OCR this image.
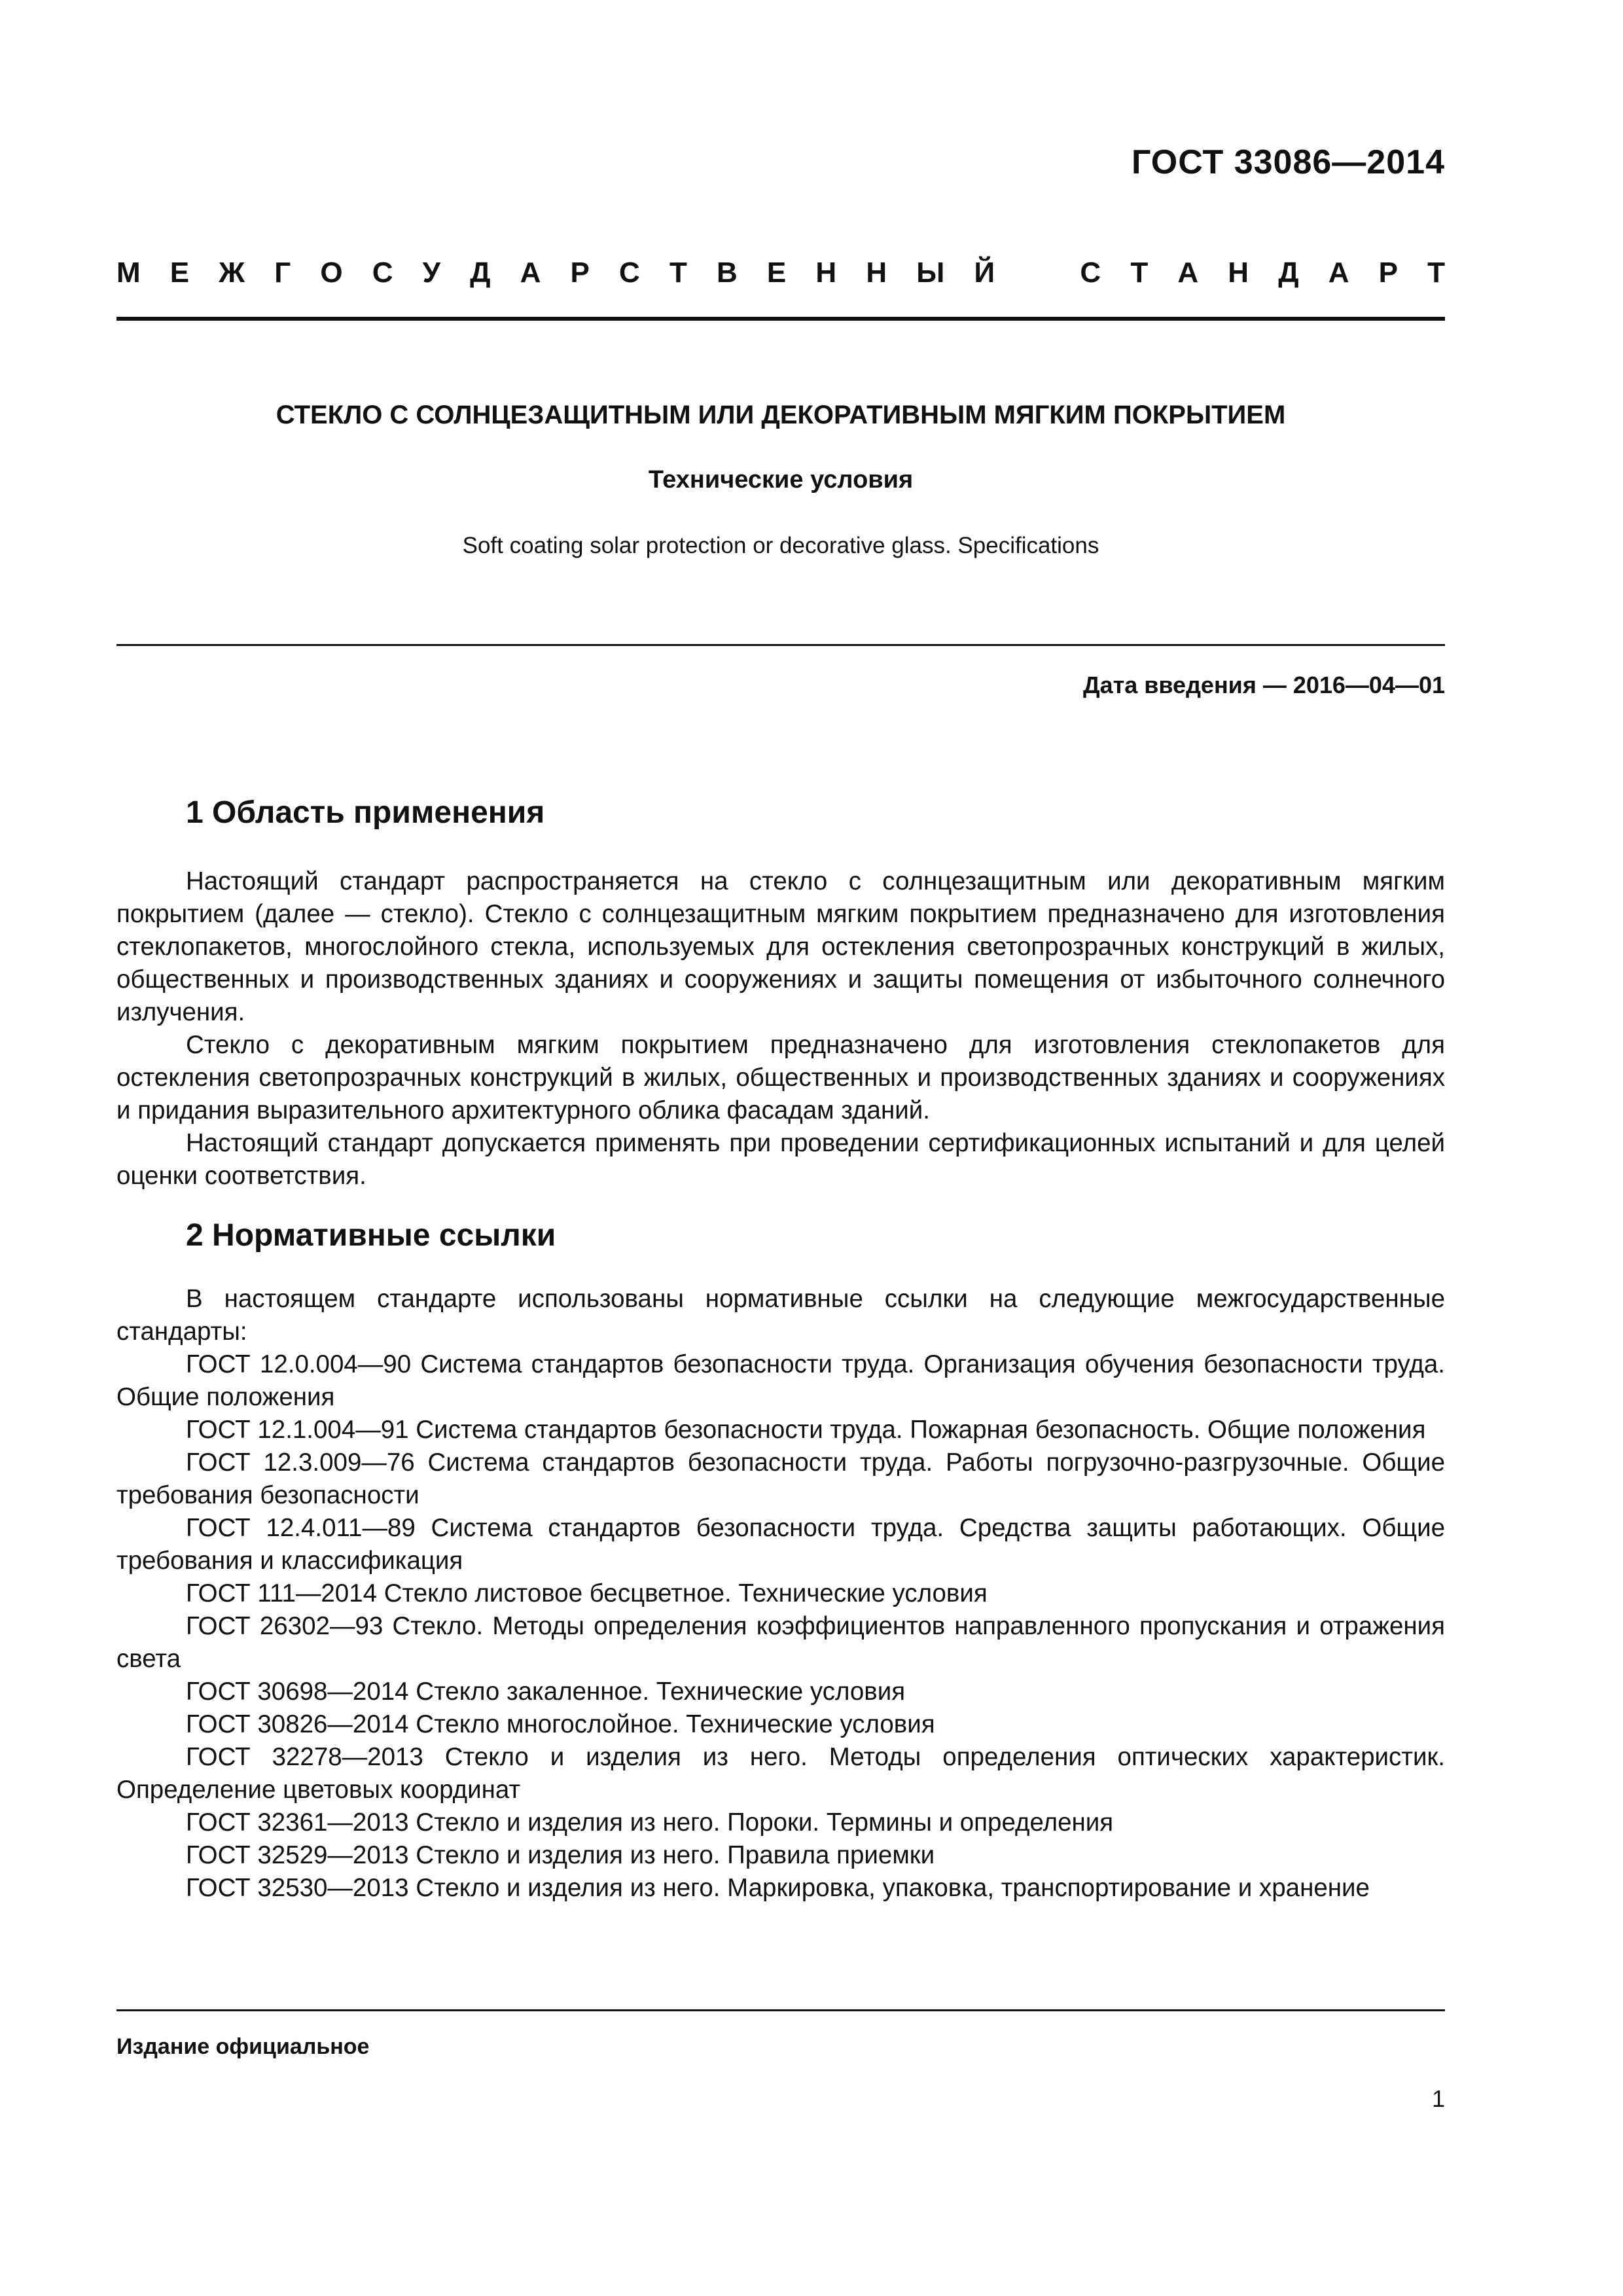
ГОСТ 33086—2014
М Е Ж Г О С У Д А Р С Т В Е Н Н Ы Й	С Т А Н Д А Р Т
СТЕКЛО С СОЛНЦЕЗАЩИТНЫМ ИЛИ ДЕКОРАТИВНЫМ МЯГКИМ ПОКРЫТИЕМ
Технические условия
Soft coating solar protection or decorative glass. Specifications
Дата введения — 2016—04—01
1 Область применения

Настоящий стандарт распространяется на стекло с солнцезащитным или декоративным мягким покрытием (далее — стекло). Стекло с солнцезащитным мягким покрытием предназначено для изготовления стеклопакетов, многослойного стекла, используемых для остекления светопрозрачных конструкций в жилых, общественных и производственных зданиях и сооружениях и защиты помещения от избыточного солнечного излучения.

Стекло с декоративным мягким покрытием предназначено для изготовления стеклопакетов для остекления светопрозрачных конструкций в жилых, общественных и производственных зданиях и сооружениях и придания выразительного архитектурного облика фасадам зданий.

Настоящий стандарт допускается применять при проведении сертификационных испытаний и для целей оценки соответствия.

2 Нормативные ссылки

В настоящем стандарте использованы нормативные ссылки на следующие межгосударственные стандарты:

ГОСТ 12.0.004—90 Система стандартов безопасности труда. Организация обучения безопасности труда. Общие положения

ГОСТ 12.1.004—91 Система стандартов безопасности труда. Пожарная безопасность. Общие положения

ГОСТ 12.3.009—76 Система стандартов безопасности труда. Работы погрузочно-разгрузочные. Общие требования безопасности

ГОСТ 12.4.011—89 Система стандартов безопасности труда. Средства защиты работающих. Общие требования и классификация

ГОСТ 111—2014 Стекло листовое бесцветное. Технические условия

ГОСТ 26302—93 Стекло. Методы определения коэффициентов направленного пропускания и отражения света

ГОСТ 30698—2014 Стекло закаленное. Технические условия

ГОСТ 30826—2014 Стекло многослойное. Технические условия

ГОСТ 32278—2013 Стекло и изделия из него. Методы определения оптических характеристик. Определение цветовых координат

ГОСТ 32361—2013 Стекло и изделия из него. Пороки. Термины и определения

ГОСТ 32529—2013 Стекло и изделия из него. Правила приемки

ГОСТ 32530—2013 Стекло и изделия из него. Маркировка, упаковка, транспортирование и хранение

Издание официальное
1
